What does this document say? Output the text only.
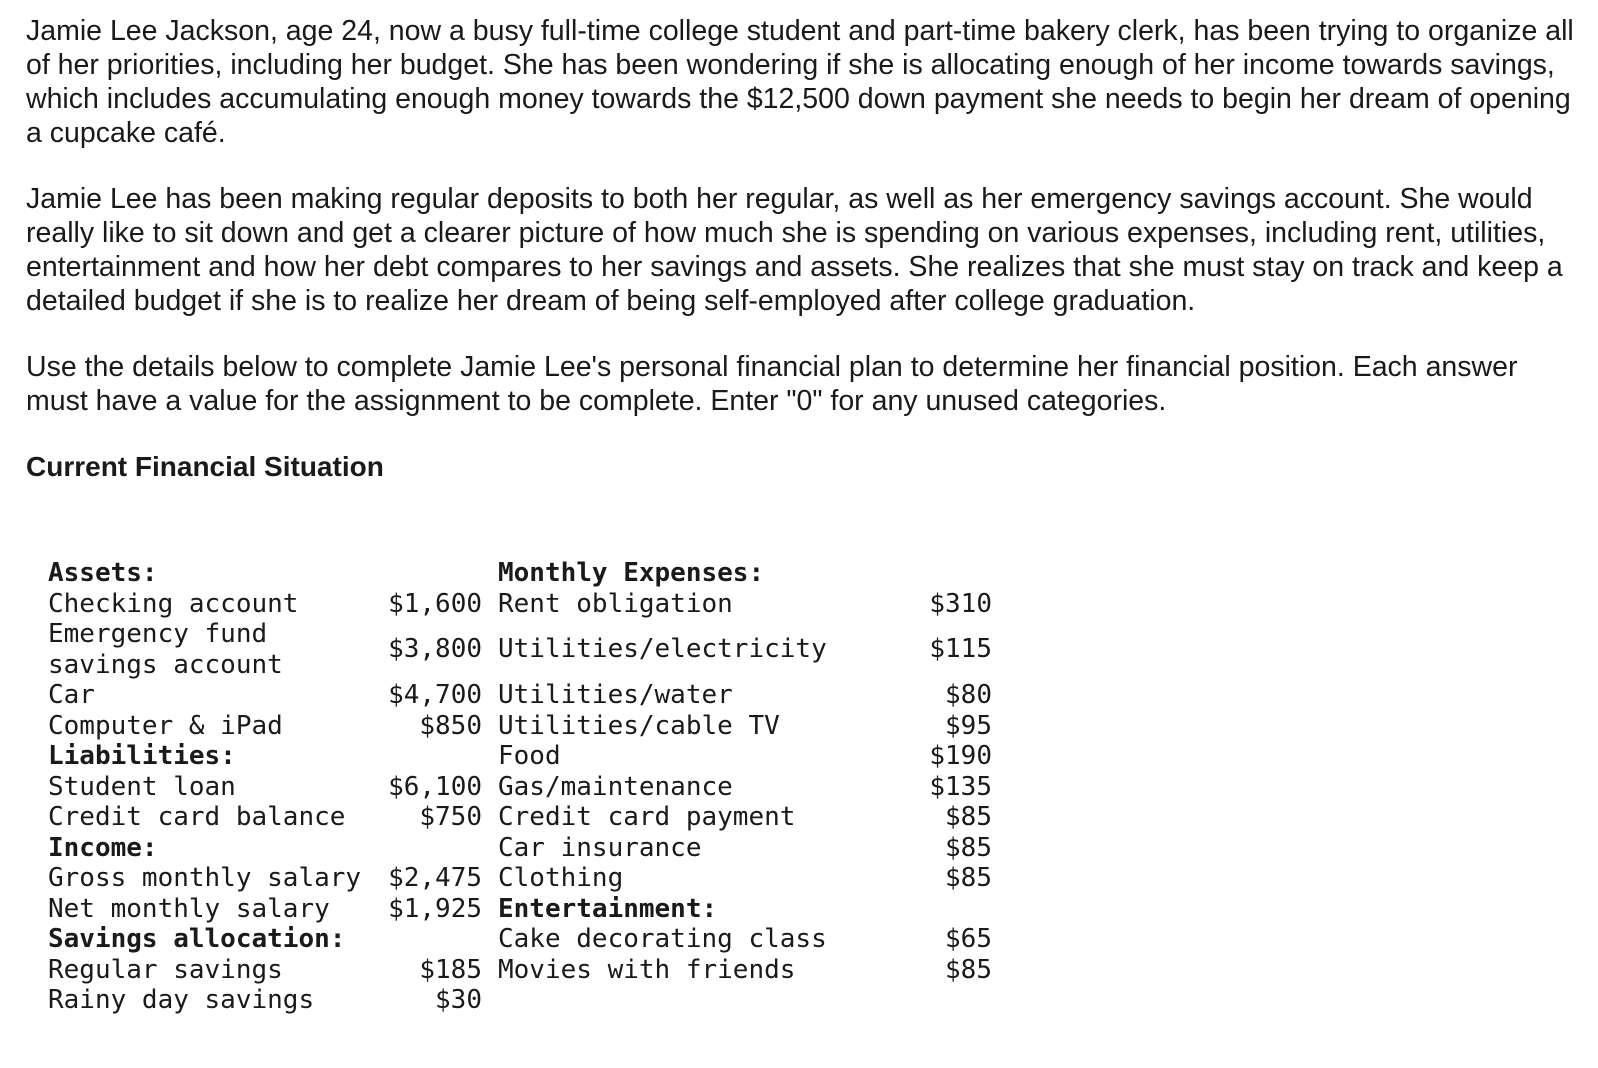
Jamie Lee Jackson, age 24, now a busy full-time college student and part-time bakery clerk, has been trying to organize all of her priorities, including her budget. She has been wondering if she is allocating enough of her income towards savings, which includes accumulating enough money towards the $12,500 down payment she needs to begin her dream of opening a cupcake café.

Jamie Lee has been making regular deposits to both her regular, as well as her emergency savings account. She would really like to sit down and get a clearer picture of how much she is spending on various expenses, including rent, utilities, entertainment and how her debt compares to her savings and assets. She realizes that she must stay on track and keep a detailed budget if she is to realize her dream of being self-employed after college graduation.

Use the details below to complete Jamie Lee's personal financial plan to determine her financial position. Each answer must have a value for the assignment to be complete. Enter "0" for any unused categories.

Current Financial Situation
Assets:	Monthly Expenses:
Checking account	$1,600 Rent obligation	$310
Emergency fund savings account
$3,800 Utilities/electricity	$115
Car	$4,700 Utilities/water	$80
Computer & iPad	$850 Utilities/cable TV	$95
Liabilities:	Food	$190
Student loan	$6,100 Gas/maintenance	$135
Credit card balance	$750 Credit card payment	$85
Income:	Car insurance	$85
Gross monthly salary	$2,475 Clothing	$85
Net monthly salary	$1,925 Entertainment:
Savings allocation:	Cake decorating class	$65
Regular savings	$185 Movies with friends	$85
Rainy day savings	$30
